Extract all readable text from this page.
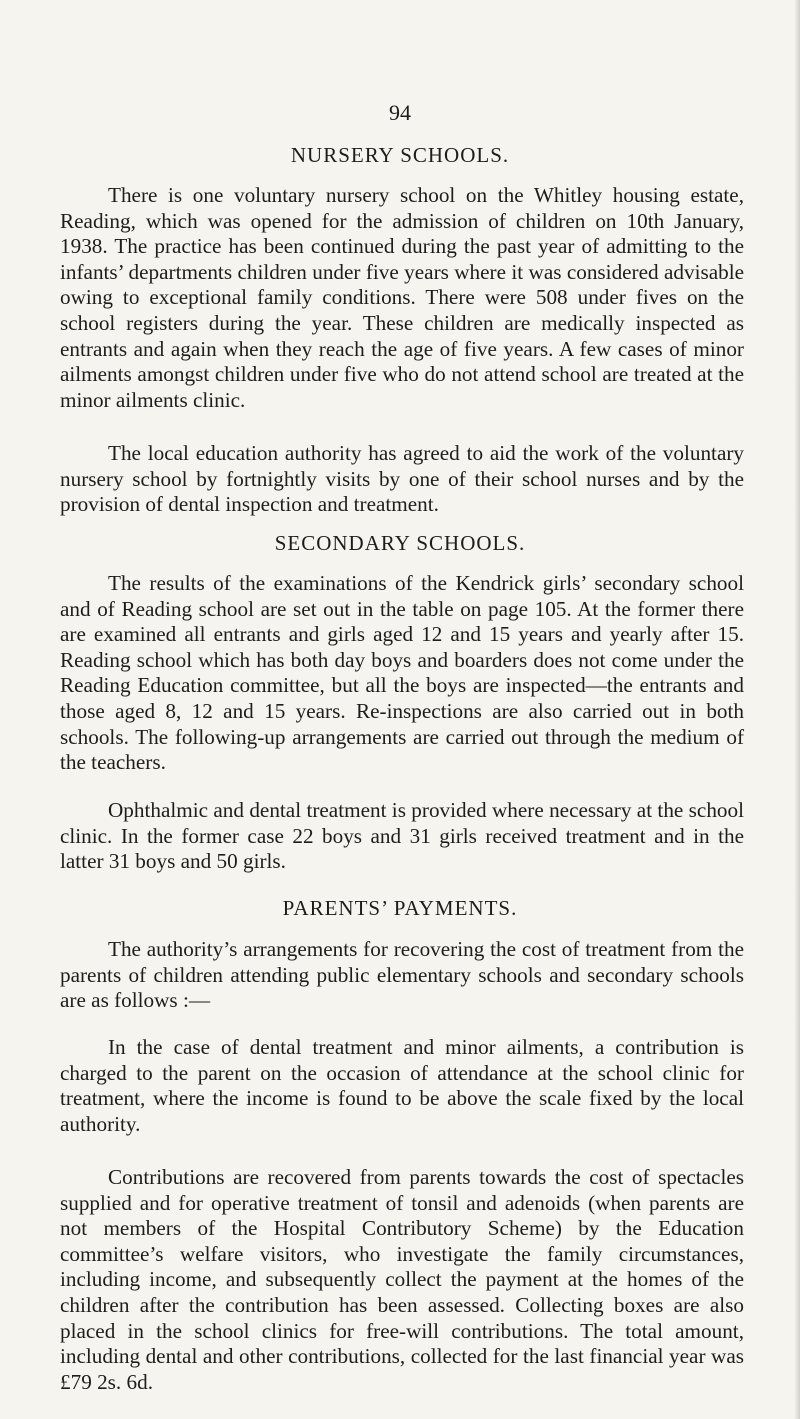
94
NURSERY SCHOOLS.

There is one voluntary nursery school on the Whitley housing estate, Reading, which was opened for the admission of children on 10th January, 1938. The practice has been continued during the past year of admitting to the infants’ departments children under five years where it was considered advisable owing to exceptional family conditions. There were 508 under fives on the school registers during the year. These children are medically inspected as entrants and again when they reach the age of five years. A few cases of minor ailments amongst children under five who do not attend school are treated at the minor ailments clinic.

The local education authority has agreed to aid the work of the voluntary nursery school by fortnightly visits by one of their school nurses and by the provision of dental inspection and treatment.

SECONDARY SCHOOLS.

The results of the examinations of the Kendrick girls’ secondary school and of Reading school are set out in the table on page 105. At the former there are examined all entrants and girls aged 12 and 15 years and yearly after 15. Reading school which has both day boys and boarders does not come under the Reading Education committee, but all the boys are inspected—the entrants and those aged 8, 12 and 15 years. Re-inspections are also carried out in both schools. The following-up arrangements are carried out through the medium of the teachers.

Ophthalmic and dental treatment is provided where necessary at the school clinic. In the former case 22 boys and 31 girls received treatment and in the latter 31 boys and 50 girls.

PARENTS’ PAYMENTS.

The authority’s arrangements for recovering the cost of treatment from the parents of children attending public elementary schools and secondary schools are as follows :—

In the case of dental treatment and minor ailments, a contribution is charged to the parent on the occasion of attendance at the school clinic for treatment, where the income is found to be above the scale fixed by the local authority.

Contributions are recovered from parents towards the cost of spectacles supplied and for operative treatment of tonsil and adenoids (when parents are not members of the Hospital Contributory Scheme) by the Education committee’s welfare visitors, who investigate the family circumstances, including income, and subsequently collect the payment at the homes of the children after the contribution has been assessed. Collecting boxes are also placed in the school clinics for free-will contributions. The total amount, including dental and other contributions, collected for the last financial year was £79 2s. 6d.
